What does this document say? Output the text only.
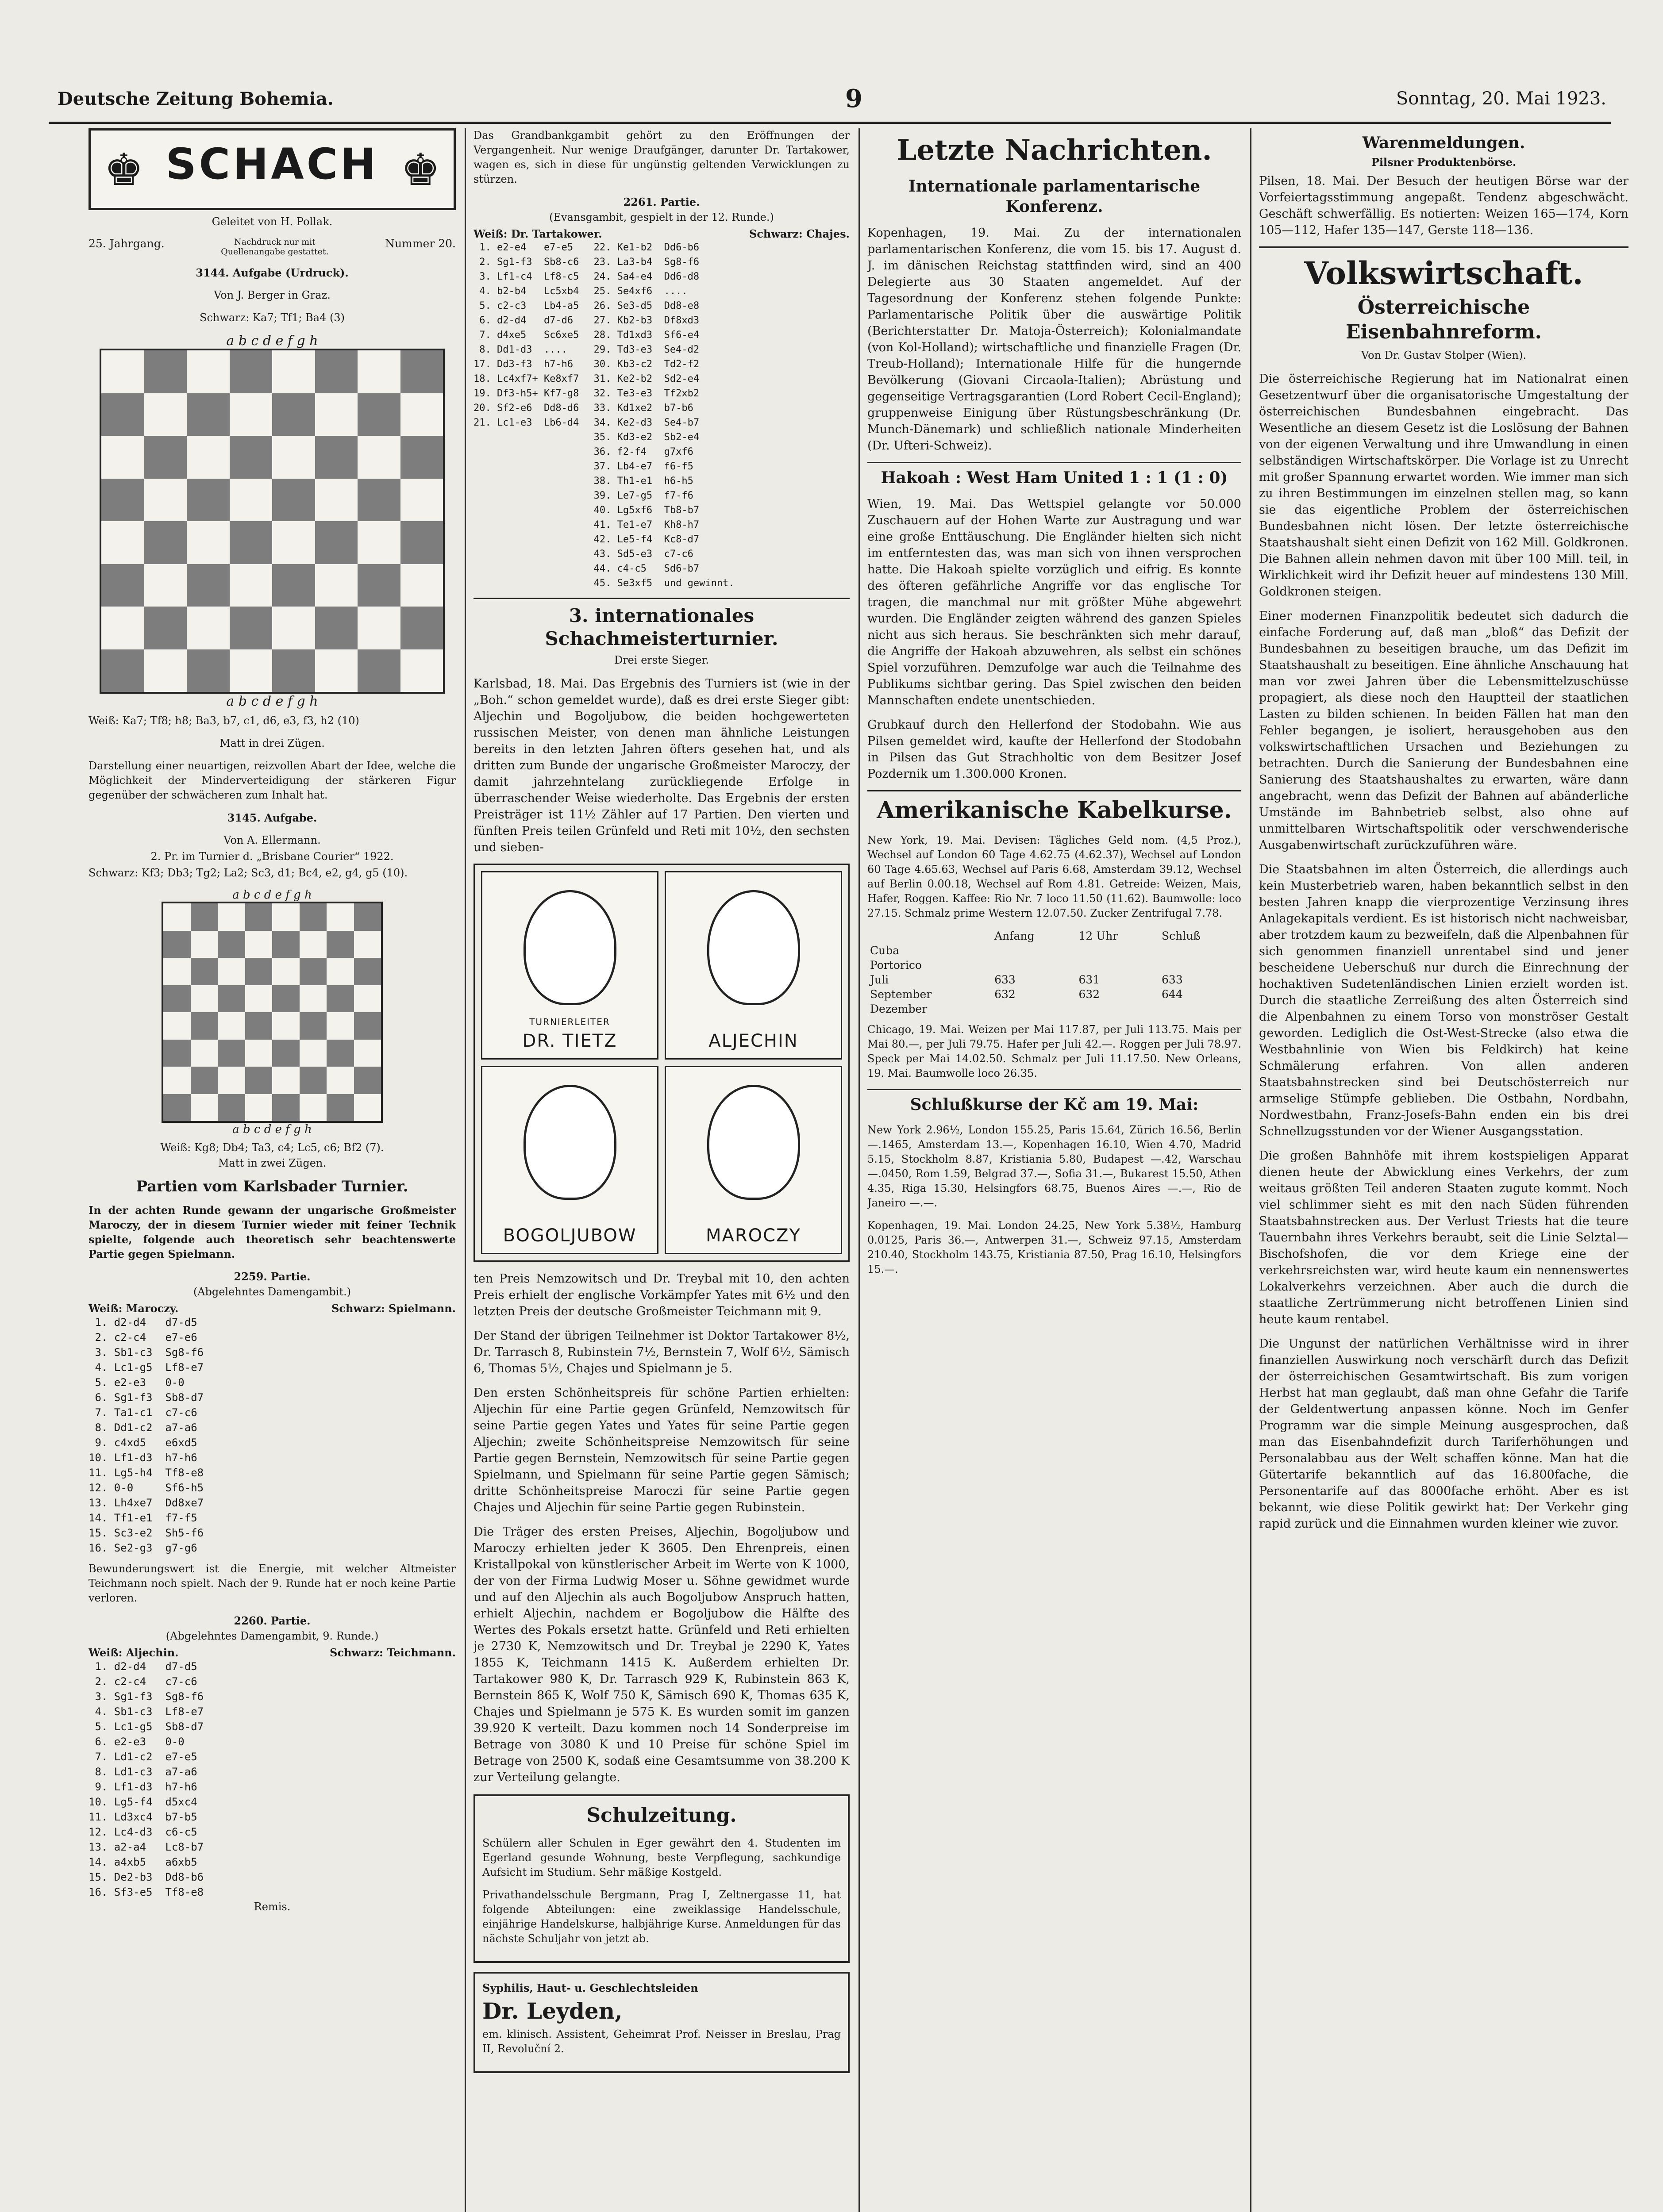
Deutsche Zeitung Bohemia.	9	Sonntag, 20. Mai 1923.
♚ SCHACH ♚

Geleitet von H. Pollak.

25. Jahrgang.	Nachdruck nur mit Quellenangabe gestattet.
Nummer 20.

3144. Aufgabe (Urdruck).

Von J. Berger in Graz.

Schwarz: Ka7; Tf1; Ba4 (3)

a b c d e f g h
a b c d e f g h

Weiß: Ka7; Tf8; h8; Ba3, b7, c1, d6, e3, f3, h2 (10)

Matt in drei Zügen.

Darstellung einer neuartigen, reizvollen Abart der Idee, welche die Möglichkeit der Minderverteidigung der stärkeren Figur gegenüber der schwächeren zum Inhalt hat.

3145. Aufgabe.

Von A. Ellermann.

2. Pr. im Turnier d. „Brisbane Courier“ 1922.

Schwarz: Kf3; Db3; Tg2; La2; Sc3, d1; Bc4, e2, g4, g5 (10).

a b c d e f g h
a b c d e f g h

Weiß: Kg8; Db4; Ta3, c4; Lc5, c6; Bf2 (7).

Matt in zwei Zügen.

Partien vom Karlsbader Turnier.

In der achten Runde gewann der ungarische Großmeister Maroczy, der in diesem Turnier wieder mit feiner Technik spielte, folgende auch theoretisch sehr beachtenswerte Partie gegen Spielmann.

2259. Partie.

(Abgelehntes Damengambit.)

Weiß: Maroczy.	Schwarz: Spielmann.
1. d2-d4   d7-d5
2. c2-c4   e7-e6
3. Sb1-c3  Sg8-f6
4. Lc1-g5  Lf8-e7
5. e2-e3   0-0
6. Sg1-f3  Sb8-d7
7. Ta1-c1  c7-c6
8. Dd1-c2  a7-a6
9. c4xd5   e6xd5
10. Lf1-d3  h7-h6
11. Lg5-h4  Tf8-e8
12. 0-0     Sf6-h5
13. Lh4xe7  Dd8xe7
14. Tf1-e1  f7-f5
15. Sc3-e2  Sh5-f6
16. Se2-g3  g7-g6

Bewunderungswert ist die Energie, mit welcher Altmeister Teichmann noch spielt. Nach der 9. Runde hat er noch keine Partie verloren.

2260. Partie.

(Abgelehntes Damengambit, 9. Runde.)

Weiß: Aljechin.	Schwarz: Teichmann.
1. d2-d4   d7-d5
2. c2-c4   c7-c6
3. Sg1-f3  Sg8-f6
4. Sb1-c3  Lf8-e7
5. Lc1-g5  Sb8-d7
6. e2-e3   0-0
7. Ld1-c2  e7-e5
8. Ld1-c3  a7-a6
9. Lf1-d3  h7-h6
10. Lg5-f4  d5xc4
11. Ld3xc4  b7-b5
12. Lc4-d3  c6-c5
13. a2-a4   Lc8-b7
14. a4xb5   a6xb5
15. De2-b3  Dd8-b6
16. Sf3-e5  Tf8-e8

Remis.

Das Grandbankgambit gehört zu den Eröffnungen der Vergangenheit. Nur wenige Draufgänger, darunter Dr. Tartakower, wagen es, sich in diese für ungünstig geltenden Verwicklungen zu stürzen.

2261. Partie.

(Evansgambit, gespielt in der 12. Runde.)

Weiß: Dr. Tartakower.	Schwarz: Chajes.
1. e2-e4   e7-e5
2. Sg1-f3  Sb8-c6
3. Lf1-c4  Lf8-c5
4. b2-b4   Lc5xb4
5. c2-c3   Lb4-a5
6. d2-d4   d7-d6
7. d4xe5   Sc6xe5
8. Dd1-d3  ....
17. Dd3-f3  h7-h6
18. Lc4xf7+ Ke8xf7
19. Df3-h5+ Kf7-g8
20. Sf2-e6  Dd8-d6
21. Lc1-e3  Lb6-d4
22. Ke1-b2  Dd6-b6
23. La3-b4  Sg8-f6
24. Sa4-e4  Dd6-d8
25. Se4xf6  ....
26. Se3-d5  Dd8-e8
27. Kb2-b3  Df8xd3
28. Td1xd3  Sf6-e4
29. Td3-e3  Se4-d2
30. Kb3-c2  Td2-f2
31. Ke2-b2  Sd2-e4
32. Te3-e3  Tf2xb2
33. Kd1xe2  b7-b6
34. Ke2-d3  Se4-b7
35. Kd3-e2  Sb2-e4
36. f2-f4   g7xf6
37. Lb4-e7  f6-f5
38. Th1-e1  h6-h5
39. Le7-g5  f7-f6
40. Lg5xf6  Tb8-b7
41. Te1-e7  Kh8-h7
42. Le5-f4  Kc8-d7
43. Sd5-e3  c7-c6
44. c4-c5   Sd6-b7
45. Se3xf5  und gewinnt.

3. internationales Schachmeisterturnier.

Drei erste Sieger.

Karlsbad, 18. Mai. Das Ergebnis des Turniers ist (wie in der „Boh.“ schon gemeldet wurde), daß es drei erste Sieger gibt: Aljechin und Bogoljubow, die beiden hochgewerteten russischen Meister, von denen man ähnliche Leistungen bereits in den letzten Jahren öfters gesehen hat, und als dritten zum Bunde der ungarische Großmeister Maroczy, der damit jahrzehntelang zurückliegende Erfolge in überraschender Weise wiederholte. Das Ergebnis der ersten Preisträger ist 11½ Zähler auf 17 Partien. Den vierten und fünften Preis teilen Grünfeld und Reti mit 10½, den sechsten und sieben-

TURNIERLEITER
DR. TIETZ	ALJECHIN
BOGOLJUBOW	MAROCZY

ten Preis Nemzowitsch und Dr. Treybal mit 10, den achten Preis erhielt der englische Vorkämpfer Yates mit 6½ und den letzten Preis der deutsche Großmeister Teichmann mit 9.

Der Stand der übrigen Teilnehmer ist Doktor Tartakower 8½, Dr. Tarrasch 8, Rubinstein 7½, Bernstein 7, Wolf 6½, Sämisch 6, Thomas 5½, Chajes und Spielmann je 5.

Den ersten Schönheitspreis für schöne Partien erhielten: Aljechin für eine Partie gegen Grünfeld, Nemzowitsch für seine Partie gegen Yates und Yates für seine Partie gegen Aljechin; zweite Schönheitspreise Nemzowitsch für seine Partie gegen Bernstein, Nemzowitsch für seine Partie gegen Spielmann, und Spielmann für seine Partie gegen Sämisch; dritte Schönheitspreise Maroczi für seine Partie gegen Chajes und Aljechin für seine Partie gegen Rubinstein.

Die Träger des ersten Preises, Aljechin, Bogoljubow und Maroczy erhielten jeder K 3605. Den Ehrenpreis, einen Kristallpokal von künstlerischer Arbeit im Werte von K 1000, der von der Firma Ludwig Moser u. Söhne gewidmet wurde und auf den Aljechin als auch Bogoljubow Anspruch hatten, erhielt Aljechin, nachdem er Bogoljubow die Hälfte des Wertes des Pokals ersetzt hatte. Grünfeld und Reti erhielten je 2730 K, Nemzowitsch und Dr. Treybal je 2290 K, Yates 1855 K, Teichmann 1415 K. Außerdem erhielten Dr. Tartakower 980 K, Dr. Tarrasch 929 K, Rubinstein 863 K, Bernstein 865 K, Wolf 750 K, Sämisch 690 K, Thomas 635 K, Chajes und Spielmann je 575 K. Es wurden somit im ganzen 39.920 K verteilt. Dazu kommen noch 14 Sonderpreise im Betrage von 3080 K und 10 Preise für schöne Spiel im Betrage von 2500 K, sodaß eine Gesamtsumme von 38.200 K zur Verteilung gelangte.

Schulzeitung.

Schülern aller Schulen in Eger gewährt den 4. Studenten im Egerland gesunde Wohnung, beste Verpflegung, sachkundige Aufsicht im Studium. Sehr mäßige Kostgeld.

Privathandelsschule Bergmann, Prag I, Zeltnergasse 11, hat folgende Abteilungen: eine zweiklassige Handelsschule, einjährige Handelskurse, halbjährige Kurse. Anmeldungen für das nächste Schuljahr von jetzt ab.

Syphilis, Haut- u. Geschlechtsleiden

Dr. Leyden,

em. klinisch. Assistent, Geheimrat Prof. Neisser in Breslau, Prag II, Revoluční 2.

Letzte Nachrichten.

Internationale parlamentarische Konferenz.

Kopenhagen, 19. Mai. Zu der internationalen parlamentarischen Konferenz, die vom 15. bis 17. August d. J. im dänischen Reichstag stattfinden wird, sind an 400 Delegierte aus 30 Staaten angemeldet. Auf der Tagesordnung der Konferenz stehen folgende Punkte: Parlamentarische Politik über die auswärtige Politik (Berichterstatter Dr. Matoja-Österreich); Kolonialmandate (von Kol-Holland); wirtschaftliche und finanzielle Fragen (Dr. Treub-Holland); Internationale Hilfe für die hungernde Bevölkerung (Giovani Circaola-Italien); Abrüstung und gegenseitige Vertragsgarantien (Lord Robert Cecil-England); gruppenweise Einigung über Rüstungsbeschränkung (Dr. Munch-Dänemark) und schließlich nationale Minderheiten (Dr. Ufteri-Schweiz).

Hakoah : West Ham United 1 : 1 (1 : 0)

Wien, 19. Mai. Das Wettspiel gelangte vor 50.000 Zuschauern auf der Hohen Warte zur Austragung und war eine große Enttäuschung. Die Engländer hielten sich nicht im entferntesten das, was man sich von ihnen versprochen hatte. Die Hakoah spielte vorzüglich und eifrig. Es konnte des öfteren gefährliche Angriffe vor das englische Tor tragen, die manchmal nur mit größter Mühe abgewehrt wurden. Die Engländer zeigten während des ganzen Spieles nicht aus sich heraus. Sie beschränkten sich mehr darauf, die Angriffe der Hakoah abzuwehren, als selbst ein schönes Spiel vorzuführen. Demzufolge war auch die Teilnahme des Publikums sichtbar gering. Das Spiel zwischen den beiden Mannschaften endete unentschieden.

Grubkauf durch den Hellerfond der Stodobahn. Wie aus Pilsen gemeldet wird, kaufte der Hellerfond der Stodobahn in Pilsen das Gut Strachholtic von dem Besitzer Josef Pozdernik um 1.300.000 Kronen.

Amerikanische Kabelkurse.

New York, 19. Mai. Devisen: Tägliches Geld nom. (4,5 Proz.), Wechsel auf London 60 Tage 4.62.75 (4.62.37), Wechsel auf London 60 Tage 4.65.63, Wechsel auf Paris 6.68, Amsterdam 39.12, Wechsel auf Berlin 0.00.18, Wechsel auf Rom 4.81. Getreide: Weizen, Mais, Hafer, Roggen. Kaffee: Rio Nr. 7 loco 11.50 (11.62). Baumwolle: loco 27.15. Schmalz prime Western 12.07.50. Zucker Zentrifugal 7.78.

	Anfang	12 Uhr	Schluß
Cuba			
Portorico			
Juli	633	631	633
September	632	632	644
Dezember			

Chicago, 19. Mai. Weizen per Mai 117.87, per Juli 113.75. Mais per Mai 80.—, per Juli 79.75. Hafer per Juli 42.—. Roggen per Juli 78.97. Speck per Mai 14.02.50. Schmalz per Juli 11.17.50. New Orleans, 19. Mai. Baumwolle loco 26.35.

Schlußkurse der Kč am 19. Mai:

New York 2.96½, London 155.25, Paris 15.64, Zürich 16.56, Berlin —.1465, Amsterdam 13.—, Kopenhagen 16.10, Wien 4.70, Madrid 5.15, Stockholm 8.87, Kristiania 5.80, Budapest —.42, Warschau —.0450, Rom 1.59, Belgrad 37.—, Sofia 31.—, Bukarest 15.50, Athen 4.35, Riga 15.30, Helsingfors 68.75, Buenos Aires —.—, Rio de Janeiro —.—.

Kopenhagen, 19. Mai. London 24.25, New York 5.38½, Hamburg 0.0125, Paris 36.—, Antwerpen 31.—, Schweiz 97.15, Amsterdam 210.40, Stockholm 143.75, Kristiania 87.50, Prag 16.10, Helsingfors 15.—.

Warenmeldungen.

Pilsner Produktenbörse.

Pilsen, 18. Mai. Der Besuch der heutigen Börse war der Vorfeiertagsstimmung angepaßt. Tendenz abgeschwächt. Geschäft schwerfällig. Es notierten: Weizen 165—174, Korn 105—112, Hafer 135—147, Gerste 118—136.

Volkswirtschaft.

Österreichische Eisenbahnreform.

Von Dr. Gustav Stolper (Wien).

Die österreichische Regierung hat im Nationalrat einen Gesetzentwurf über die organisatorische Umgestaltung der österreichischen Bundesbahnen eingebracht. Das Wesentliche an diesem Gesetz ist die Loslösung der Bahnen von der eigenen Verwaltung und ihre Umwandlung in einen selbständigen Wirtschaftskörper. Die Vorlage ist zu Unrecht mit großer Spannung erwartet worden. Wie immer man sich zu ihren Bestimmungen im einzelnen stellen mag, so kann sie das eigentliche Problem der österreichischen Bundesbahnen nicht lösen. Der letzte österreichische Staatshaushalt sieht einen Defizit von 162 Mill. Goldkronen. Die Bahnen allein nehmen davon mit über 100 Mill. teil, in Wirklichkeit wird ihr Defizit heuer auf mindestens 130 Mill. Goldkronen steigen.

Einer modernen Finanzpolitik bedeutet sich dadurch die einfache Forderung auf, daß man „bloß“ das Defizit der Bundesbahnen zu beseitigen brauche, um das Defizit im Staatshaushalt zu beseitigen. Eine ähnliche Anschauung hat man vor zwei Jahren über die Lebensmittelzuschüsse propagiert, als diese noch den Hauptteil der staatlichen Lasten zu bilden schienen. In beiden Fällen hat man den Fehler begangen, je isoliert, herausgehoben aus den volkswirtschaftlichen Ursachen und Beziehungen zu betrachten. Durch die Sanierung der Bundesbahnen eine Sanierung des Staatshaushaltes zu erwarten, wäre dann angebracht, wenn das Defizit der Bahnen auf abänderliche Umstände im Bahnbetrieb selbst, also ohne auf unmittelbaren Wirtschaftspolitik oder verschwenderische Ausgabenwirtschaft zurückzuführen wäre.

Die Staatsbahnen im alten Österreich, die allerdings auch kein Musterbetrieb waren, haben bekanntlich selbst in den besten Jahren knapp die vierprozentige Verzinsung ihres Anlagekapitals verdient. Es ist historisch nicht nachweisbar, aber trotzdem kaum zu bezweifeln, daß die Alpenbahnen für sich genommen finanziell unrentabel sind und jener bescheidene Ueberschuß nur durch die Einrechnung der hochaktiven Sudetenländischen Linien erzielt worden ist. Durch die staatliche Zerreißung des alten Österreich sind die Alpenbahnen zu einem Torso von monströser Gestalt geworden. Lediglich die Ost-West-Strecke (also etwa die Westbahnlinie von Wien bis Feldkirch) hat keine Schmälerung erfahren. Von allen anderen Staatsbahnstrecken sind bei Deutschösterreich nur armselige Stümpfe geblieben. Die Ostbahn, Nordbahn, Nordwestbahn, Franz-Josefs-Bahn enden ein bis drei Schnellzugsstunden vor der Wiener Ausgangsstation.

Die großen Bahnhöfe mit ihrem kostspieligen Apparat dienen heute der Abwicklung eines Verkehrs, der zum weitaus größten Teil anderen Staaten zugute kommt. Noch viel schlimmer sieht es mit den nach Süden führenden Staatsbahnstrecken aus. Der Verlust Triests hat die teure Tauernbahn ihres Verkehrs beraubt, seit die Linie Selztal—Bischofshofen, die vor dem Kriege eine der verkehrsreichsten war, wird heute kaum ein nennenswertes Lokalverkehrs verzeichnen. Aber auch die durch die staatliche Zertrümmerung nicht betroffenen Linien sind heute kaum rentabel.

Die Ungunst der natürlichen Verhältnisse wird in ihrer finanziellen Auswirkung noch verschärft durch das Defizit der österreichischen Gesamtwirtschaft. Bis zum vorigen Herbst hat man geglaubt, daß man ohne Gefahr die Tarife der Geldentwertung anpassen könne. Noch im Genfer Programm war die simple Meinung ausgesprochen, daß man das Eisenbahndefizit durch Tariferhöhungen und Personalabbau aus der Welt schaffen könne. Man hat die Gütertarife bekanntlich auf das 16.800fache, die Personentarife auf das 8000fache erhöht. Aber es ist bekannt, wie diese Politik gewirkt hat: Der Verkehr ging rapid zurück und die Einnahmen wurden kleiner wie zuvor.
